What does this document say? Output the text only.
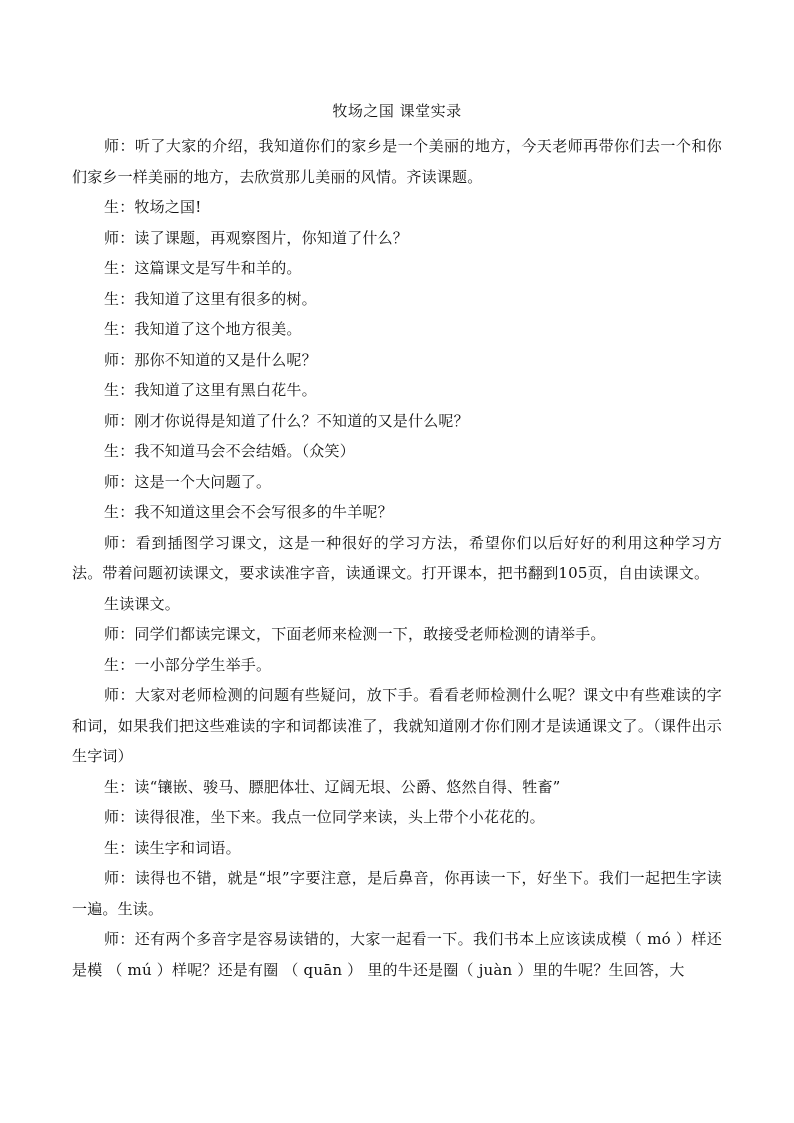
牧场之国 课堂实录

师：听了大家的介绍，我知道你们的家乡是一个美丽的地方，今天老师再带你们去一个和你们家乡一样美丽的地方，去欣赏那儿美丽的风情。齐读课题。

生：牧场之国!

师：读了课题，再观察图片，你知道了什么？

生：这篇课文是写牛和羊的。

生：我知道了这里有很多的树。

生：我知道了这个地方很美。

师：那你不知道的又是什么呢？

生：我知道了这里有黑白花牛。

师：刚才你说得是知道了什么？不知道的又是什么呢？

生：我不知道马会不会结婚。（众笑）

师：这是一个大问题了。

生：我不知道这里会不会写很多的牛羊呢？

师：看到插图学习课文，这是一种很好的学习方法，希望你们以后好好的利用这种学习方法。带着问题初读课文，要求读准字音，读通课文。打开课本，把书翻到105页，自由读课文。

生读课文。

师：同学们都读完课文，下面老师来检测一下，敢接受老师检测的请举手。

生：一小部分学生举手。

师：大家对老师检测的问题有些疑问，放下手。看看老师检测什么呢？课文中有些难读的字和词，如果我们把这些难读的字和词都读准了，我就知道刚才你们刚才是读通课文了。（课件出示生字词）

生：读“镶嵌、骏马、膘肥体壮、辽阔无垠、公爵、悠然自得、牲畜”

师：读得很准，坐下来。我点一位同学来读，头上带个小花花的。

生：读生字和词语。

师：读得也不错，就是“垠”字要注意，是后鼻音，你再读一下，好坐下。我们一起把生字读一遍。生读。

师：还有两个多音字是容易读错的，大家一起看一下。我们书本上应该读成模（ mó ）样还是模 （ mú ）样呢？还是有圈 （ quān ） 里的牛还是圈（ juàn ）里的牛呢？生回答，大
